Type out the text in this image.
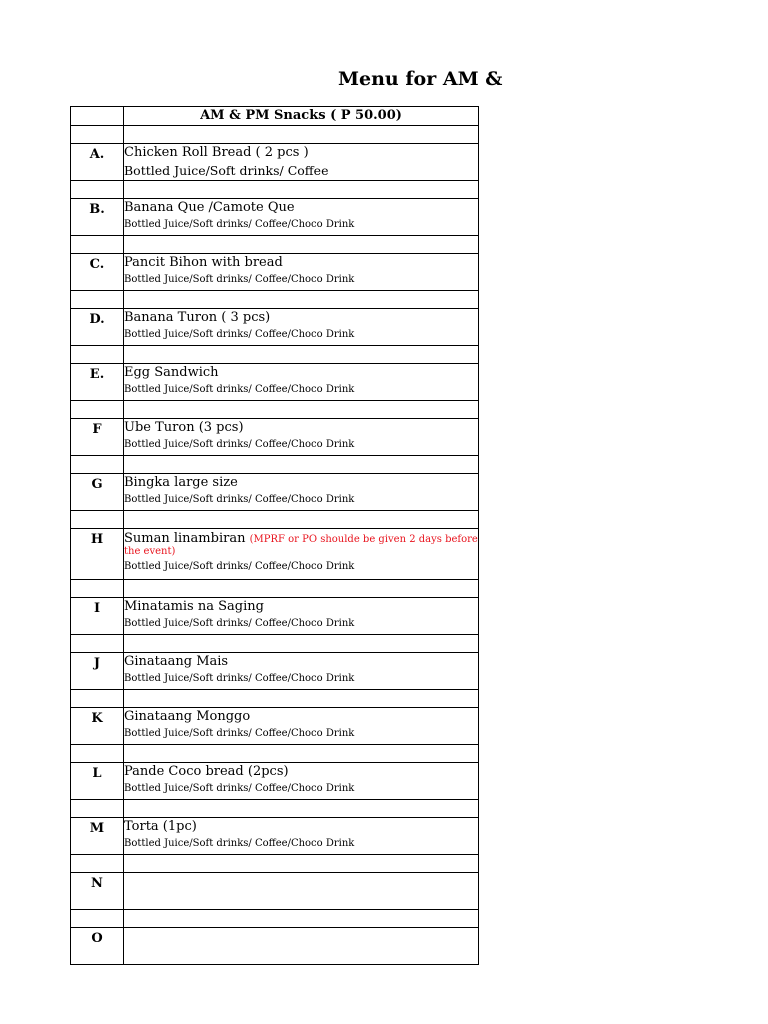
Menu for AM &
	AM & PM Snacks ( P 50.00)

A.	Chicken Roll Bread ( 2 pcs )
Bottled Juice/Soft drinks/ Coffee

B.	Banana Que /Camote Que
Bottled Juice/Soft drinks/ Coffee/Choco Drink

C.	Pancit Bihon with bread
Bottled Juice/Soft drinks/ Coffee/Choco Drink

D.	Banana Turon ( 3 pcs)
Bottled Juice/Soft drinks/ Coffee/Choco Drink

E.	Egg Sandwich
Bottled Juice/Soft drinks/ Coffee/Choco Drink

F	Ube Turon (3 pcs)
Bottled Juice/Soft drinks/ Coffee/Choco Drink

G	Bingka large size
Bottled Juice/Soft drinks/ Coffee/Choco Drink

H	Suman linambiran (MPRF or PO shoulde be given 2 days before the event)
Bottled Juice/Soft drinks/ Coffee/Choco Drink

I	Minatamis na Saging
Bottled Juice/Soft drinks/ Coffee/Choco Drink

J	Ginataang Mais
Bottled Juice/Soft drinks/ Coffee/Choco Drink

K	Ginataang Monggo
Bottled Juice/Soft drinks/ Coffee/Choco Drink

L	Pande Coco bread (2pcs)
Bottled Juice/Soft drinks/ Coffee/Choco Drink

M	Torta (1pc)
Bottled Juice/Soft drinks/ Coffee/Choco Drink

N	

O	
